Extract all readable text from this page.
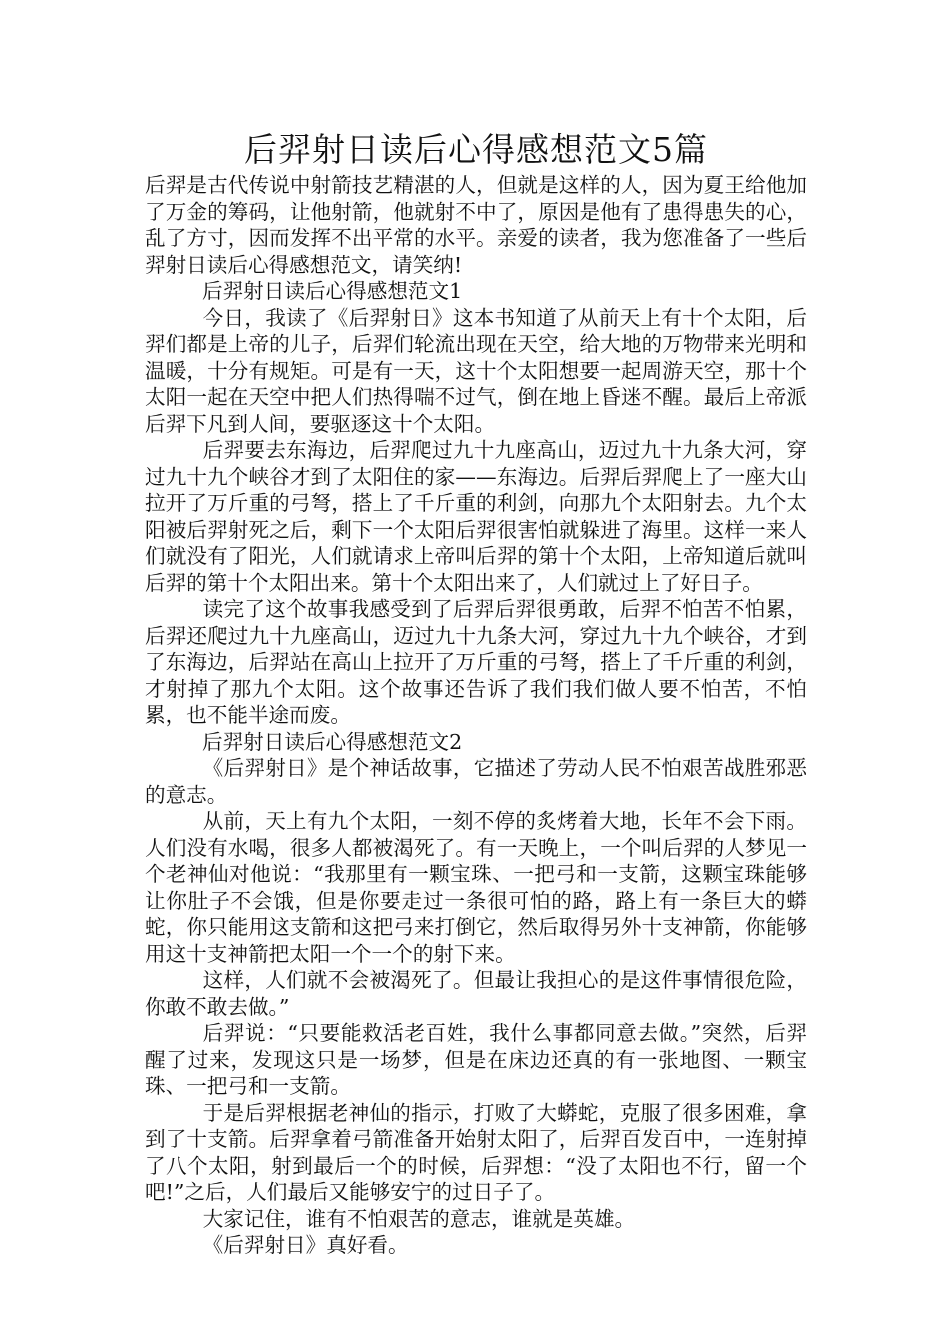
后羿射日读后心得感想范文5篇

后羿是古代传说中射箭技艺精湛的人，但就是这样的人，因为夏王给他加了万金的筹码，让他射箭，他就射不中了，原因是他有了患得患失的心，乱了方寸，因而发挥不出平常的水平。亲爱的读者，我为您准备了一些后羿射日读后心得感想范文，请笑纳!

后羿射日读后心得感想范文1

今日，我读了《后羿射日》这本书知道了从前天上有十个太阳，后羿们都是上帝的儿子，后羿们轮流出现在天空，给大地的万物带来光明和温暖，十分有规矩。可是有一天，这十个太阳想要一起周游天空，那十个太阳一起在天空中把人们热得喘不过气，倒在地上昏迷不醒。最后上帝派后羿下凡到人间，要驱逐这十个太阳。

后羿要去东海边，后羿爬过九十九座高山，迈过九十九条大河，穿过九十九个峡谷才到了太阳住的家——东海边。后羿后羿爬上了一座大山拉开了万斤重的弓弩，搭上了千斤重的利剑，向那九个太阳射去。九个太阳被后羿射死之后，剩下一个太阳后羿很害怕就躲进了海里。这样一来人们就没有了阳光，人们就请求上帝叫后羿的第十个太阳，上帝知道后就叫后羿的第十个太阳出来。第十个太阳出来了，人们就过上了好日子。

读完了这个故事我感受到了后羿后羿很勇敢，后羿不怕苦不怕累，后羿还爬过九十九座高山，迈过九十九条大河，穿过九十九个峡谷，才到了东海边，后羿站在高山上拉开了万斤重的弓弩，搭上了千斤重的利剑，才射掉了那九个太阳。这个故事还告诉了我们我们做人要不怕苦，不怕累，也不能半途而废。

后羿射日读后心得感想范文2

《后羿射日》是个神话故事，它描述了劳动人民不怕艰苦战胜邪恶的意志。

从前，天上有九个太阳，一刻不停的炙烤着大地，长年不会下雨。人们没有水喝，很多人都被渴死了。有一天晚上，一个叫后羿的人梦见一个老神仙对他说：“我那里有一颗宝珠、一把弓和一支箭，这颗宝珠能够让你肚子不会饿，但是你要走过一条很可怕的路，路上有一条巨大的蟒蛇，你只能用这支箭和这把弓来打倒它，然后取得另外十支神箭，你能够用这十支神箭把太阳一个一个的射下来。

这样，人们就不会被渴死了。但最让我担心的是这件事情很危险，你敢不敢去做。”

后羿说：“只要能救活老百姓，我什么事都同意去做。”突然，后羿醒了过来，发现这只是一场梦，但是在床边还真的有一张地图、一颗宝珠、一把弓和一支箭。

于是后羿根据老神仙的指示，打败了大蟒蛇，克服了很多困难，拿到了十支箭。后羿拿着弓箭准备开始射太阳了，后羿百发百中，一连射掉了八个太阳，射到最后一个的时候，后羿想：“没了太阳也不行，留一个吧!”之后，人们最后又能够安宁的过日子了。

大家记住，谁有不怕艰苦的意志，谁就是英雄。

《后羿射日》真好看。
